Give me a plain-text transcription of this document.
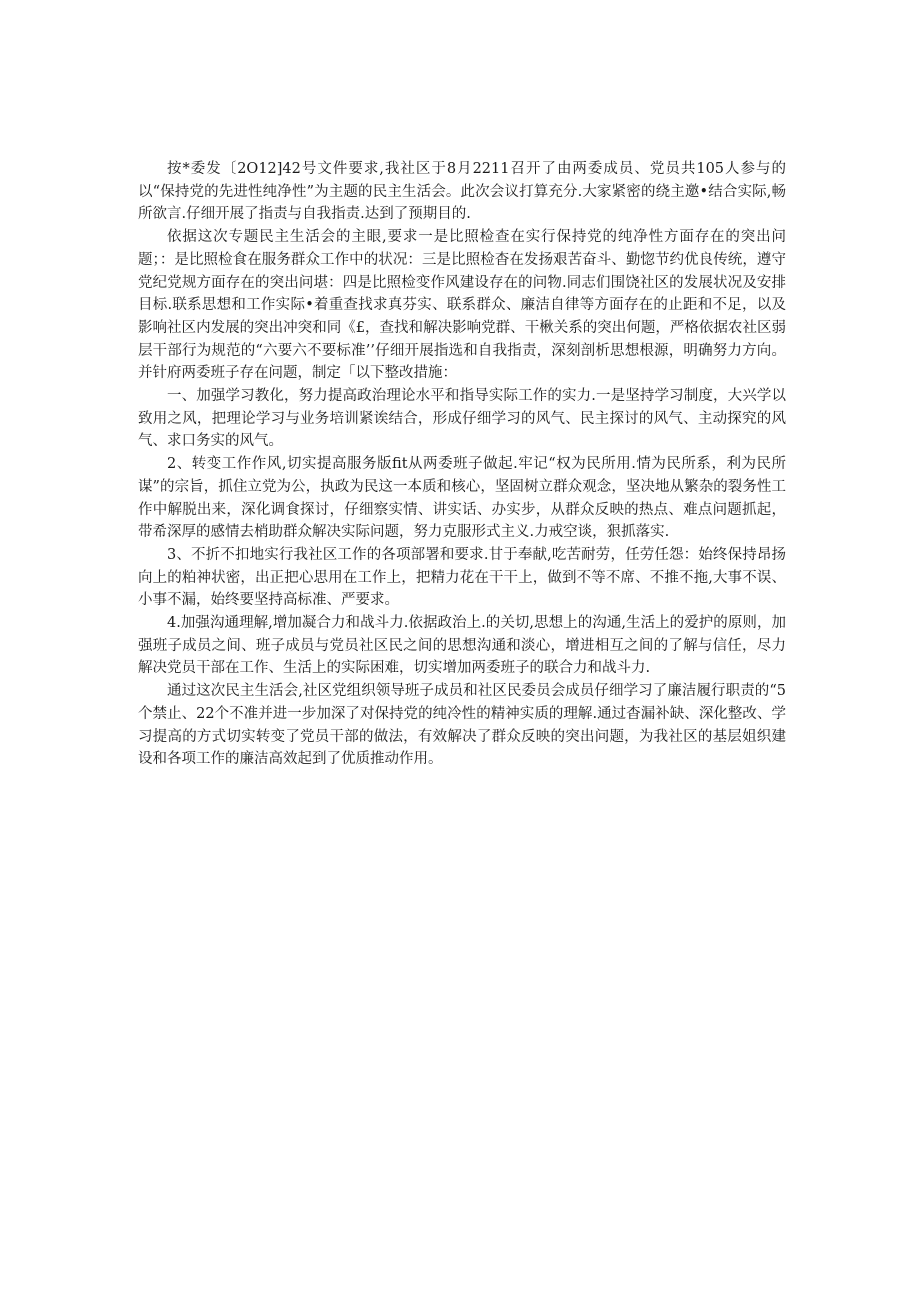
按*委发〔2O12]42号文件要求,我社区于8月2211召开了由两委成员、党员共105人参与的以“保持党的先进性纯净性”为主题的民主生活会。此次会议打算充分.大家紧密的绕主邀•结合实际,畅所欲言.仔细开展了指责与自我指责.达到了预期目的.

依据这次专题民主生活会的主眼,要求一是比照检查在实行保持党的纯净性方面存在的突出问题；：是比照检食在服务群众工作中的状况：三是比照检杳在发扬艰苦奋斗、勤惚节约优良传统，遵守党纪党规方面存在的突出问堪：四是比照检变作风建设存在的问物.同志们围饶社区的发展状况及安排目标.联系思想和工作实际•着重查找求真芬实、联系群众、廉洁自律等方面存在的止距和不足，以及影响社区内发展的突出冲突和同《£，查找和解决影响党群、干楸关系的突出何题，严格依据农社区弱层干部行为规范的“六要六不要标准’’仔细开展指选和自我指责，深刻剖析思想根源，明确努力方向。并针府两委班子存在问题，制定「以下整改措施：

一、加强学习教化，努力提高政治理论水平和指导实际工作的实力.一是坚持学习制度，大兴学以致用之风，把理论学习与业务培训紧诶结合，形成仔细学习的风气、民主探讨的风气、主动探究的风气、求口务实的风气。

2、转变工作作风,切实提高服务版fit从两委班子做起.牢记“权为民所用.情为民所系，利为民所谋”的宗旨，抓住立党为公，执政为民这一本质和核心，坚固树立群众观念，坚决地从繁杂的裂务性工作中解脱出来，深化调食探讨，仔细察实情、讲实话、办实步，从群众反映的热点、难点问题抓起，带希深厚的感情去梢助群众解决实际问题，努力克服形式主义.力戒空谈，狠抓落实.

3、不折不扣地实行我社区工作的各项部署和要求.甘于奉献,吃苦耐劳，任劳任怨：始终保持昂扬向上的粕神状密，出正把心思用在工作上，把精力花在干干上，做到不等不席、不推不拖,大事不误、小事不漏，始终要坚持高标准、严要求。

4.加强沟通理解,增加凝合力和战斗力.依据政治上.的关切,思想上的沟通,生活上的爱护的原则，加强班子成员之间、班子成员与党员社区民之间的思想沟通和淡心，增进相互之间的了解与信任，尽力解决党员干部在工作、生活上的实际困难，切实增加两委班子的联合力和战斗力.

通过这次民主生活会,社区党组织领导班子成员和社区民委员会成员仔细学习了廉洁履行职责的“5个禁止、22个不准并进一步加深了对保持党的纯冷性的精神实质的理解.通过杳漏补缺、深化整改、学习提高的方式切实转变了党员干部的做法，有效解决了群众反映的突出问题，为我社区的基层姐织建设和各项工作的廉洁高效起到了优质推动作用。
